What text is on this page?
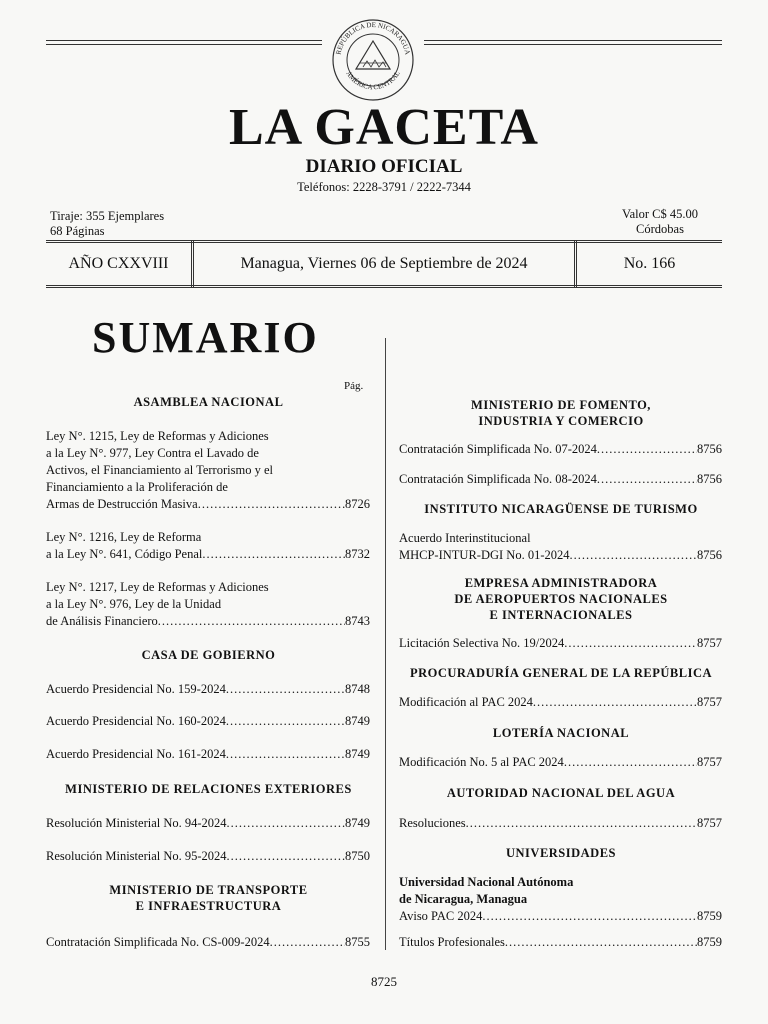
REPÚBLICA DE NICARAGUA
AMÉRICA CENTRAL
LA GACETA
DIARIO OFICIAL
Teléfonos: 2228-3791 / 2222-7344
Tiraje: 355 Ejemplares
68 Páginas
Valor C$ 45.00
Córdobas
AÑO CXXVIII	Managua, Viernes 06 de Septiembre de 2024	No. 166
SUMARIO
Pág.
ASAMBLEA NACIONAL
Ley N°. 1215, Ley de Reformas y Adiciones
a la Ley N°. 977, Ley Contra el Lavado de
Activos, el Financiamiento al Terrorismo y el
Financiamiento a la Proliferación de
Armas de Destrucción Masiva .....	8726
Ley N°. 1216, Ley de Reforma
a la Ley N°. 641, Código Penal .....	8732
Ley N°. 1217, Ley de Reformas y Adiciones
a la Ley N°. 976, Ley de la Unidad
de Análisis Financiero .....	8743
CASA DE GOBIERNO
Acuerdo Presidencial No. 159-2024 .....	8748
Acuerdo Presidencial No. 160-2024 .....	8749
Acuerdo Presidencial No. 161-2024 .....	8749
MINISTERIO DE RELACIONES EXTERIORES
Resolución Ministerial No. 94-2024 .....	8749
Resolución Ministerial No. 95-2024 .....	8750
MINISTERIO DE TRANSPORTE
E INFRAESTRUCTURA
Contratación Simplificada No. CS-009-2024 .....	8755
MINISTERIO DE FOMENTO,
INDUSTRIA Y COMERCIO
Contratación Simplificada No. 07-2024 .....	8756
Contratación Simplificada No. 08-2024 .....	8756
INSTITUTO NICARAGÜENSE DE TURISMO
Acuerdo Interinstitucional
MHCP-INTUR-DGI No. 01-2024 .....	8756
EMPRESA ADMINISTRADORA
DE AEROPUERTOS NACIONALES
E INTERNACIONALES
Licitación Selectiva No. 19/2024 .....	8757
PROCURADURÍA GENERAL DE LA REPÚBLICA
Modificación al PAC 2024 .....	8757
LOTERÍA NACIONAL
Modificación No. 5 al PAC 2024 .....	8757
AUTORIDAD NACIONAL DEL AGUA
Resoluciones .....	8757
UNIVERSIDADES
Universidad Nacional Autónoma
de Nicaragua, Managua
Aviso PAC 2024 .....	8759
Títulos Profesionales .....	8759
8725
